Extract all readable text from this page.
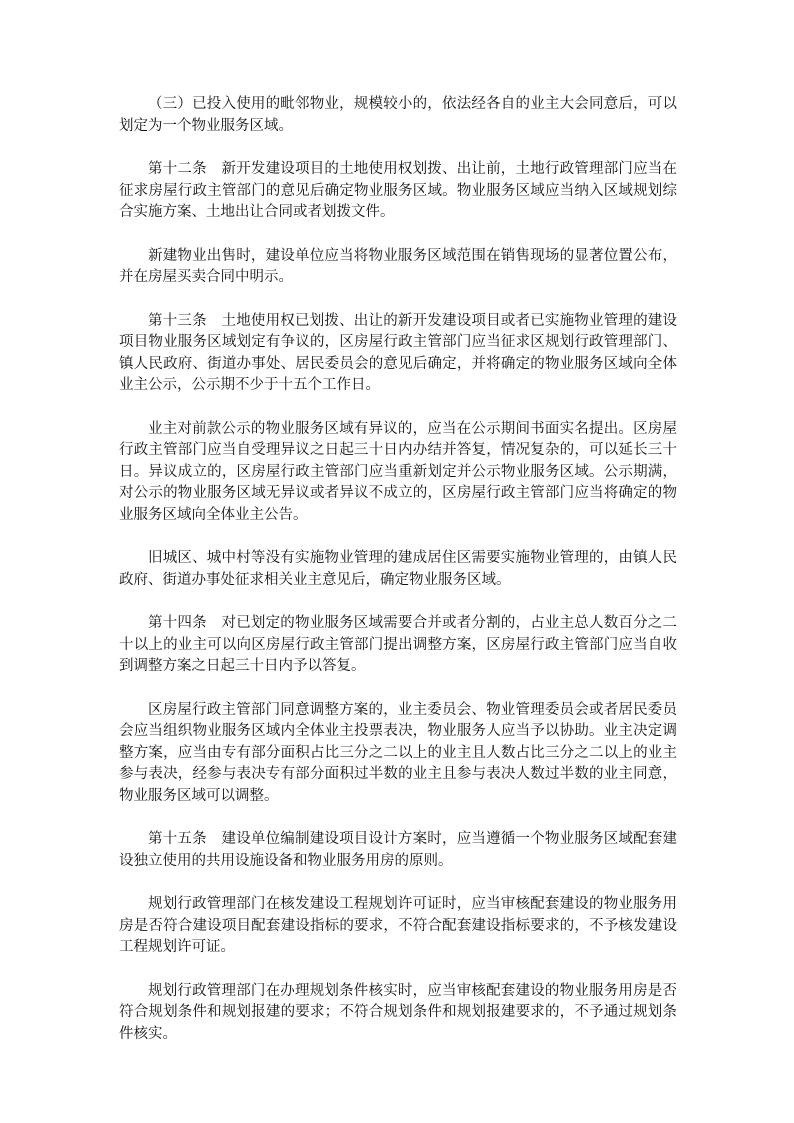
（三）已投入使用的毗邻物业，规模较小的，依法经各自的业主大会同意后，可以划定为一个物业服务区域。

第十二条　新开发建设项目的土地使用权划拨、出让前，土地行政管理部门应当在征求房屋行政主管部门的意见后确定物业服务区域。物业服务区域应当纳入区域规划综合实施方案、土地出让合同或者划拨文件。

新建物业出售时，建设单位应当将物业服务区域范围在销售现场的显著位置公布，并在房屋买卖合同中明示。

第十三条　土地使用权已划拨、出让的新开发建设项目或者已实施物业管理的建设项目物业服务区域划定有争议的，区房屋行政主管部门应当征求区规划行政管理部门、镇人民政府、街道办事处、居民委员会的意见后确定，并将确定的物业服务区域向全体业主公示，公示期不少于十五个工作日。

业主对前款公示的物业服务区域有异议的，应当在公示期间书面实名提出。区房屋行政主管部门应当自受理异议之日起三十日内办结并答复，情况复杂的，可以延长三十日。异议成立的，区房屋行政主管部门应当重新划定并公示物业服务区域。公示期满，对公示的物业服务区域无异议或者异议不成立的，区房屋行政主管部门应当将确定的物业服务区域向全体业主公告。

旧城区、城中村等没有实施物业管理的建成居住区需要实施物业管理的，由镇人民政府、街道办事处征求相关业主意见后，确定物业服务区域。

第十四条　对已划定的物业服务区域需要合并或者分割的，占业主总人数百分之二十以上的业主可以向区房屋行政主管部门提出调整方案，区房屋行政主管部门应当自收到调整方案之日起三十日内予以答复。

区房屋行政主管部门同意调整方案的，业主委员会、物业管理委员会或者居民委员会应当组织物业服务区域内全体业主投票表决，物业服务人应当予以协助。业主决定调整方案，应当由专有部分面积占比三分之二以上的业主且人数占比三分之二以上的业主参与表决，经参与表决专有部分面积过半数的业主且参与表决人数过半数的业主同意，物业服务区域可以调整。

第十五条　建设单位编制建设项目设计方案时，应当遵循一个物业服务区域配套建设独立使用的共用设施设备和物业服务用房的原则。

规划行政管理部门在核发建设工程规划许可证时，应当审核配套建设的物业服务用房是否符合建设项目配套建设指标的要求，不符合配套建设指标要求的，不予核发建设工程规划许可证。

规划行政管理部门在办理规划条件核实时，应当审核配套建设的物业服务用房是否符合规划条件和规划报建的要求；不符合规划条件和规划报建要求的，不予通过规划条件核实。
